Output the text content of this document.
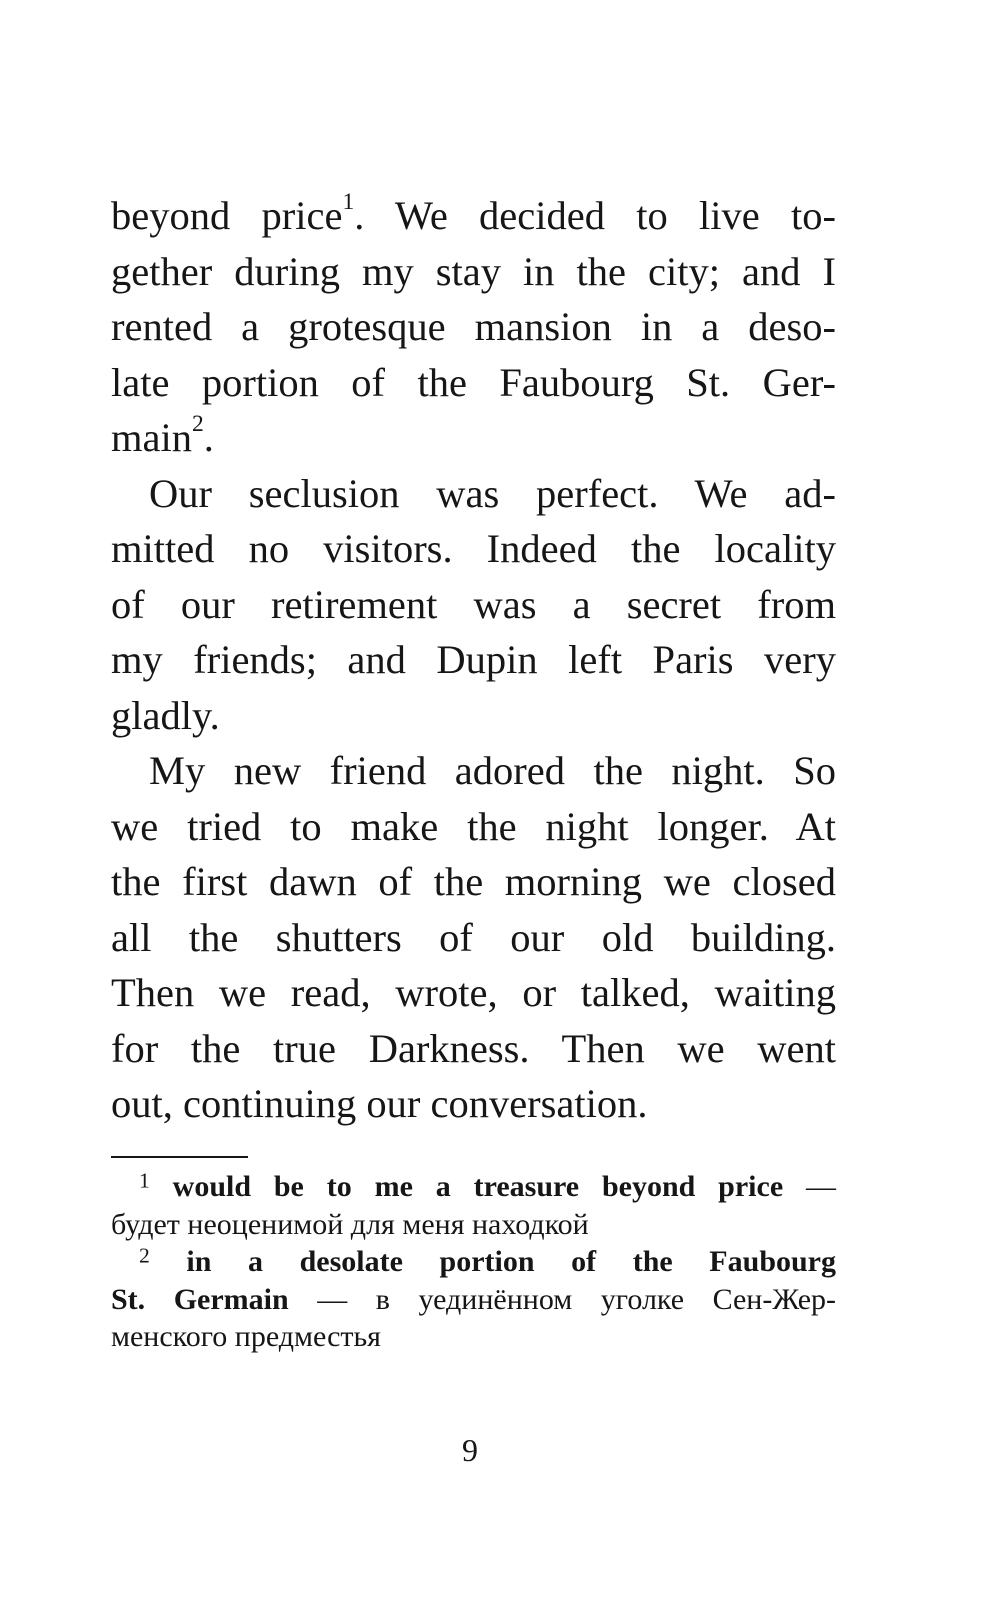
beyond price$^1$. We decided to live to-
gether during my stay in the city; and I
rented a grotesque mansion in a deso-
late portion of the Faubourg St. Ger-
main$^2$.
Our seclusion was perfect. We ad-
mitted no visitors. Indeed the locality
of our retirement was a secret from
my friends; and Dupin left Paris very
gladly.
My new friend adored the night. So
we tried to make the night longer. At
the first dawn of the morning we closed
all the shutters of our old building.
Then we read, wrote, or talked, waiting
for the true Darkness. Then we went
out, continuing our conversation.
$^1$ would be to me a treasure beyond price —
будет неоценимой для меня находкой
$^2$ in a desolate portion of the Faubourg
St. Germain — в уединённом уголке Сен-Жер-
менского предместья
9
